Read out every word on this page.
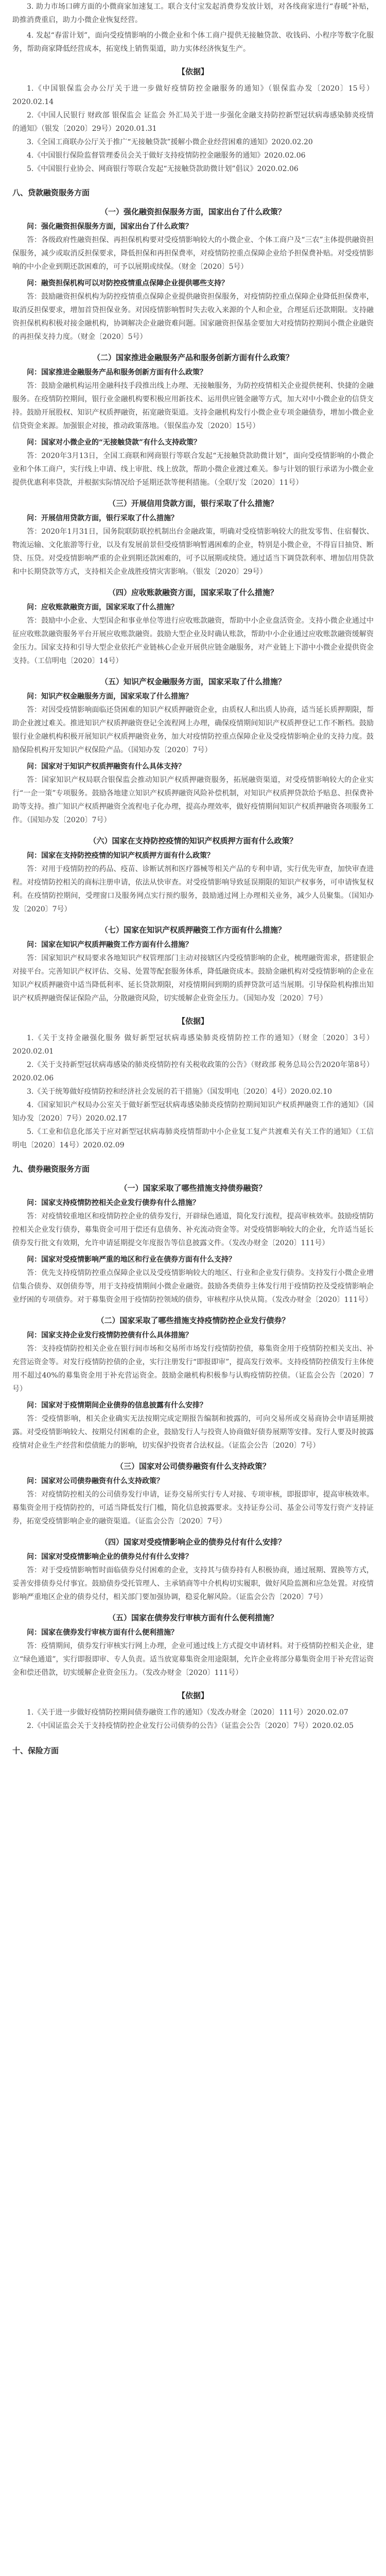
3. 助力市场口碑方面的小微商家加速复工。联合支付宝发起消费券发放计划，对各线商家进行“春暖”补贴，助推消费重启，助力小微企业恢复经营。

4. 发起“春雷计划”，面向受疫情影响的小微企业和个体工商户提供无接触贷款、收钱码、小程序等数字化服务，帮助商家降低经营成本，拓宽线上销售渠道，助力实体经济恢复生产。

【依据】
1.《中国银保监会办公厅关于进一步做好疫情防控金融服务的通知》（银保监办发〔2020〕15号）2020.02.14
2.《中国人民银行 财政部 银保监会 证监会 外汇局关于进一步强化金融支持防控新型冠状病毒感染肺炎疫情的通知》（银发〔2020〕29号）2020.01.31
3.《全国工商联办公厅关于推广“无接触贷款”援解小微企业经营困难的通知》2020.02.20
4.《中国银行保险监督管理委员会关于做好支持疫情防控金融服务的通知》2020.02.06
5.《中国银行业协会、网商银行等联合发起“无接触贷款助微计划”倡议》2020.02.06
八、贷款融资服务方面
（一）强化融资担保服务方面，国家出台了什么政策？

问：强化融资担保服务方面，国家出台了什么政策？

答：各级政府性融资担保、再担保机构要对受疫情影响较大的小微企业、个体工商户及“三农”主体提供融资担保服务，减少或取消反担保要求，降低担保和再担保费率，对疫情防控重点保障企业给予担保费补贴。对受疫情影响的中小企业到期还款困难的，可予以展期或续保。（财金〔2020〕5号）

问：融资担保机构可以对防控疫情重点保障企业提供哪些支持？

答：鼓励融资担保机构为防控疫情重点保障企业提供融资担保服务，对疫情防控重点保障企业降低担保费率，取消反担保要求，增加首贷担保业务。对因疫情影响暂时失去收入来源的个人和企业，合理延后还款期限。支持融资担保机构积极对接金融机构，协调解决企业融资难问题。国家融资担保基金要加大对疫情防控期间小微企业融资的再担保支持力度。（财金〔2020〕5号）

（二）国家推进金融服务产品和服务创新方面有什么政策？

问：国家推进金融服务产品和服务创新方面有什么政策？

答：鼓励金融机构运用金融科技手段推出线上办理、无接触服务，为防控疫情相关企业提供便利、快捷的金融服务。在疫情防控期间，银行业金融机构要积极应用新技术、运用供应链金融等方式，加大对中小微企业的信贷支持。鼓励开展股权、知识产权质押融资，拓宽融资渠道。支持金融机构发行小微企业专项金融债券，增加小微企业信贷资金来源。加强银企对接，推动政策落地。（银保监办发〔2020〕15号）

问：国家对小微企业的“无接触贷款”有什么支持政策？

答：2020年3月13日，全国工商联和网商银行等联合发起“无接触贷款助微计划”，面向受疫情影响的小微企业和个体工商户，实行线上申请、线上审批、线上放款，帮助小微企业渡过难关。参与计划的银行承诺为小微企业提供优惠利率贷款，并根据实际情况给予延期还款等便利措施。（全联厅发〔2020〕11号）

（三）开展信用贷款方面，银行采取了什么措施？

问：开展信用贷款方面，银行采取了什么措施？

答：2020年1月31日，国务院联防联控机制出台金融政策，明确对受疫情影响较大的批发零售、住宿餐饮、物流运输、文化旅游等行业，以及有发展前景但受疫情影响暂遇困难的企业，特别是小微企业，不得盲目抽贷、断贷、压贷。对受疫情影响严重的企业到期还款困难的，可予以展期或续贷。通过适当下调贷款利率、增加信用贷款和中长期贷款等方式，支持相关企业战胜疫情灾害影响。（银发〔2020〕29号）

（四）应收账款融资方面，国家采取了什么措施？

问：应收账款融资方面，国家采取了什么措施？

答：鼓励中小企业、大型国企和事业单位等进行应收账款融资，帮助中小企业盘活资金。支持小微企业通过中征应收账款融资服务平台开展应收账款融资。鼓励大型企业及时确认账款，帮助中小企业通过应收账款融资缓解资金压力。国家支持和引导大型企业依托产业链核心企业开展供应链金融服务，对产业链上下游中小微企业提供资金支持。（工信明电〔2020〕14号）

（五）知识产权金融服务方面，国家采取了什么措施？

问：知识产权金融服务方面，国家采取了什么措施？

答：对因受疫情影响面临还贷困难的知识产权质押融资企业，由质权人和出质人协商，适当延长质押期限，帮助企业渡过难关。推进知识产权质押融资登记全流程网上办理，确保疫情期间知识产权质押登记工作不断档。鼓励银行业金融机构积极开展知识产权质押融资业务，加大对疫情防控重点保障企业及受疫情影响企业的支持力度。鼓励保险机构开发知识产权保险产品。（国知办发〔2020〕7号）

问：国家对于知识产权质押融资有什么具体支持？

答：国家知识产权局联合银保监会推动知识产权质押融资服务，拓展融资渠道，对受疫情影响较大的企业实行“一企一策”专项服务。鼓励各地建立知识产权质押融资风险补偿机制，对知识产权质押贷款给予贴息、担保费补助等支持。推广知识产权质押融资全流程电子化办理，提高办理效率，做好疫情期间知识产权质押融资各项服务工作。（国知办发〔2020〕7号）

（六）国家在支持防控疫情的知识产权质押方面有什么政策？

问：国家在支持防控疫情的知识产权质押方面有什么政策？

答：对用于疫情防控的药品、疫苗、诊断试剂和医疗器械等相关产品的专利申请，实行优先审查，加快审查进程。对疫情防控相关的商标注册申请，依法从快审查。对受疫情影响导致延误期限的知识产权事务，可申请恢复权利。在疫情防控期间，受理窗口及服务网点实行预约服务，鼓励通过网上办理相关业务，减少人员聚集。（国知办发〔2020〕7号）

（七）国家在知识产权质押融资工作方面有什么措施？

问：国家在知识产权质押融资工作方面有什么措施？

答：国家知识产权局要求各地知识产权管理部门主动对接辖区内受疫情影响的企业，梳理融资需求，搭建银企对接平台。完善知识产权评估、交易、处置等配套服务体系，降低融资成本。鼓励金融机构对受疫情影响的企业在知识产权质押融资中适当降低利率、延长贷款期限，对疫情期间到期的质押贷款可适当展期。引导保险机构推出知识产权质押融资保证保险产品，分散融资风险，切实缓解企业资金压力。（国知办发〔2020〕7号）

【依据】
1.《关于支持金融强化服务 做好新型冠状病毒感染肺炎疫情防控工作的通知》（财金〔2020〕3号）2020.02.01
2.《关于支持新型冠状病毒感染的肺炎疫情防控有关税收政策的公告》（财政部 税务总局公告2020年第8号）2020.02.06
3.《关于统筹做好疫情防控和经济社会发展的若干措施》（国发明电〔2020〕4号）2020.02.10
4.《国家知识产权局办公室关于做好新型冠状病毒感染肺炎疫情防控期间知识产权质押融资工作的通知》（国知办发〔2020〕7号）2020.02.17
5.《工业和信息化部关于应对新型冠状病毒肺炎疫情帮助中小企业复工复产共渡难关有关工作的通知》（工信明电〔2020〕14号）2020.02.09
九、债券融资服务方面
（一）国家采取了哪些措施支持债券融资？

问：国家支持疫情防控相关企业发行债券有什么措施？

答：对疫情较重地区和疫情防控企业的债券发行，开辟绿色通道，简化发行流程，提高审核效率。鼓励疫情防控相关企业发行债券，募集资金可用于偿还有息债务、补充流动资金等。对受疫情影响较大的企业，允许适当延长债券发行批文有效期，允许申请延期提交年度报告等信息披露文件。（发改办财金〔2020〕111号）

问：国家对受疫情影响严重的地区和行业在债券方面有什么支持？

答：优先支持疫情防控重点保障企业以及受疫情影响较大的地区、行业和企业发行债券。支持发行小微企业增信集合债券、双创债券等，用于支持疫情期间小微企业融资。鼓励各类债券主体发行用于疫情防控及受疫情影响企业纾困的专项债券。对于募集资金用于疫情防控领域的债券，审核程序从快从简。（发改办财金〔2020〕111号）

（二）国家采取了哪些措施支持疫情防控企业发行债券？

问：国家支持企业发行疫情防控债有什么具体措施？

答：支持疫情防控相关企业在银行间市场和交易所市场发行疫情防控债，募集资金用于疫情防控相关支出、补充营运资金等。对发行疫情防控债的企业，实行注册发行“即报即审”，提高发行效率。支持疫情防控债发行主体使用不超过40%的募集资金用于补充营运资金。鼓励金融机构积极参与认购疫情防控债。（证监会公告〔2020〕7号）

问：国家对于疫情期间企业债券的信息披露有什么安排？

答：受疫情影响，相关企业确实无法按期完成定期报告编制和披露的，可向交易所或交易商协会申请延期披露。对受疫情影响较大、按期兑付困难的企业，鼓励发行人与投资人协商做好债券展期等安排。发行人要及时披露疫情对企业生产经营和偿债能力的影响，切实保护投资者合法权益。（证监会公告〔2020〕7号）

（三）国家对公司债券融资有什么支持政策？

问：国家对公司债券融资有什么支持政策？

答：对疫情防控相关的公司债券发行申请，证券交易所实行专人对接、专项审核，即报即审，提高审核效率。募集资金用于疫情防控的，可适当降低发行门槛，简化信息披露要求。支持证券公司、基金公司等发行资产支持证券，拓宽受疫情影响企业的融资渠道。（证监会公告〔2020〕7号）

（四）国家对受疫情影响企业的债券兑付有什么安排？

问：国家对受疫情影响企业的债券兑付有什么安排？

答：对于受疫情影响暂时面临债券兑付困难的企业，支持其与债券持有人积极协商，通过展期、置换等方式，妥善安排债券兑付事宜。鼓励债券受托管理人、主承销商等中介机构切实履职，做好风险监测和应急处置。对疫情影响严重地区企业的债券兑付，相关部门要加强协调，稳妥化解风险。（证监会公告〔2020〕7号）

（五）国家在债券发行审核方面有什么便利措施？

问：国家在债券发行审核方面有什么便利措施？

答：疫情期间，债券发行审核实行网上办理，企业可通过线上方式提交申请材料。对于疫情防控相关企业，建立“绿色通道”，实行即报即审、专人负责。适当放宽募集资金用途限制，允许企业将部分募集资金用于补充营运资金和偿还借款，切实缓解企业资金压力。（发改办财金〔2020〕111号）

【依据】
1.《关于进一步做好疫情防控期间债券融资工作的通知》（发改办财金〔2020〕111号）2020.02.07
2.《中国证监会关于支持疫情防控企业发行公司债券的公告》（证监会公告〔2020〕7号）2020.02.05
十、保险方面
